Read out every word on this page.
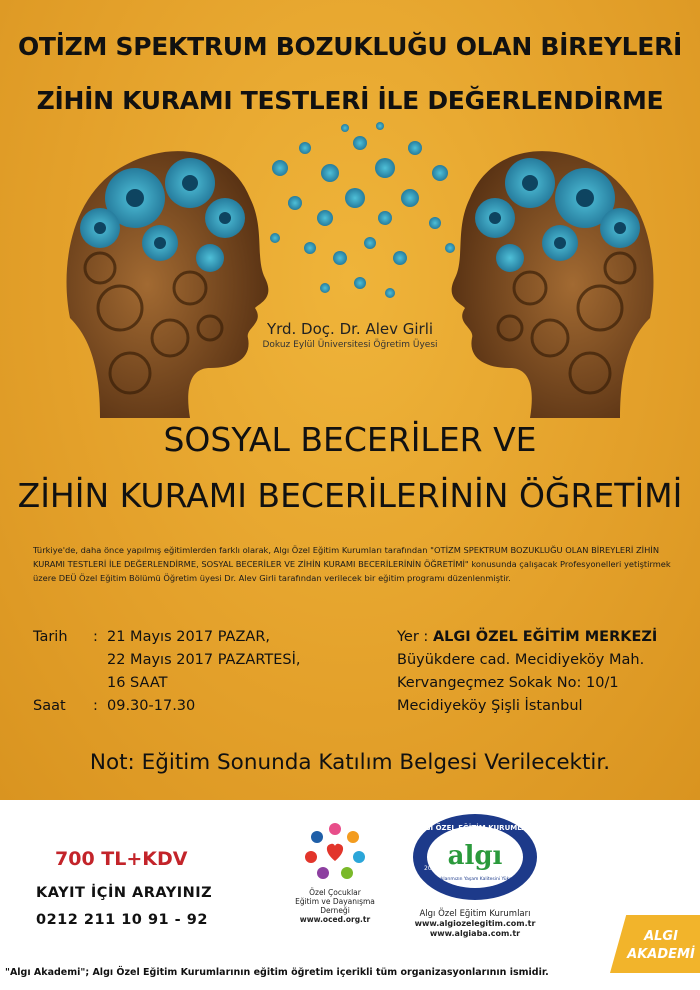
OTİZM SPEKTRUM BOZUKLUĞU OLAN BİREYLERİ
ZİHİN KURAMI TESTLERİ İLE DEĞERLENDİRME
Yrd. Doç. Dr. Alev Girli
Dokuz Eylül Üniversitesi Öğretim Üyesi
SOSYAL BECERİLER VE
ZİHİN KURAMI BECERİLERİNİN ÖĞRETİMİ
Türkiye'de, daha önce yapılmış eğitimlerden farklı olarak, Algı Özel Eğitim Kurumları tarafından "OTİZM SPEKTRUM BOZUKLUĞU OLAN BİREYLERİ ZİHİN KURAMI TESTLERİ İLE DEĞERLENDİRME, SOSYAL BECERİLER VE ZİHİN KURAMI BECERİLERİNİN ÖĞRETİMİ" konusunda çalışacak Profesyonelleri yetiştirmek üzere DEÜ Özel Eğitim Bölümü Öğretim üyesi Dr. Alev Girli tarafından verilecek bir eğitim programı düzenlenmiştir.
Tarih	: 21 Mayıs 2017 PAZAR,
22 Mayıs 2017 PAZARTESİ,
16 SAAT
Saat	: 09.30-17.30
Yer : ALGI ÖZEL EĞİTİM MERKEZİ
Büyükdere cad. Mecidiyeköy Mah.
Kervangeçmez Sokak No: 10/1
Mecidiyeköy Şişli İstanbul
Not: Eğitim Sonunda Katılım Belgesi Verilecektir.
700 TL+KDV
KAYIT İÇİN ARAYINIZ
0212 211 10 91 - 92
Özel Çocuklar
Eğitim ve Dayanışma Derneği
www.oced.org.tr
algı
ALGI ÖZEL EĞİTİM KURUMLARI
Çocuklarımızın Yaşam Kalitesini Yükseltir
2007
Algı Özel Eğitim Kurumları
www.algiozelegitim.com.tr
www.algiaba.com.tr	ALGI
AKADEMİ
"Algı Akademi"; Algı Özel Eğitim Kurumlarının eğitim öğretim içerikli tüm organizasyonlarının ismidir.
